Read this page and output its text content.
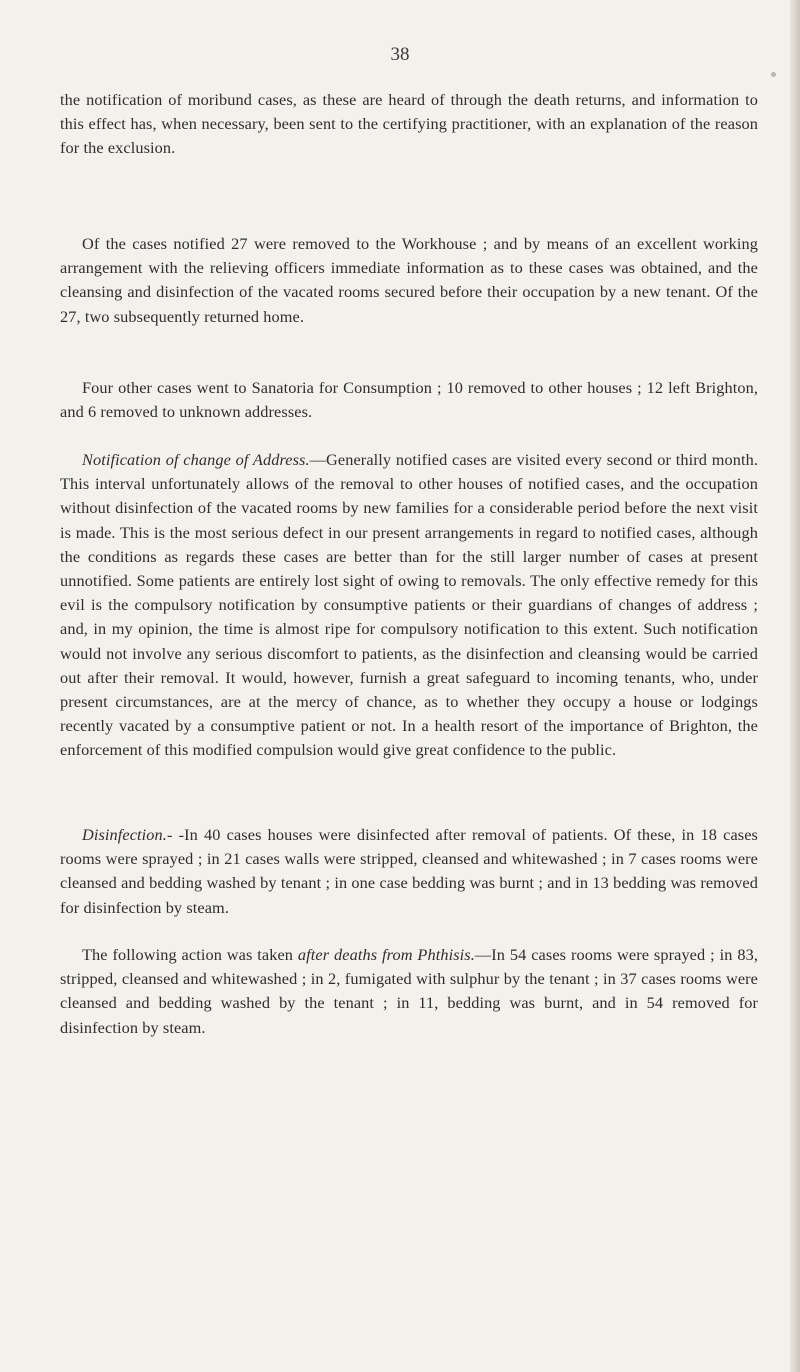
38

the notification of moribund cases, as these are heard of through the death returns, and information to this effect has, when necessary, been sent to the certifying practitioner, with an explanation of the reason for the exclusion.

Of the cases notified 27 were removed to the Workhouse ; and by means of an excellent working arrangement with the relieving officers immediate information as to these cases was obtained, and the cleansing and disinfection of the vacated rooms secured before their occupation by a new tenant. Of the 27, two subsequently returned home.

Four other cases went to Sanatoria for Consumption ; 10 removed to other houses ; 12 left Brighton, and 6 removed to unknown addresses.

Notification of change of Address.—Generally notified cases are visited every second or third month. This interval unfortunately allows of the removal to other houses of notified cases, and the occupation without disinfection of the vacated rooms by new families for a considerable period before the next visit is made. This is the most serious defect in our present arrangements in regard to notified cases, although the conditions as regards these cases are better than for the still larger number of cases at present unnotified. Some patients are entirely lost sight of owing to removals. The only effective remedy for this evil is the compulsory notification by consumptive patients or their guardians of changes of address ; and, in my opinion, the time is almost ripe for compulsory notification to this extent. Such notification would not involve any serious discomfort to patients, as the disinfection and cleansing would be carried out after their removal. It would, however, furnish a great safeguard to incoming tenants, who, under present circumstances, are at the mercy of chance, as to whether they occupy a house or lodgings recently vacated by a consumptive patient or not. In a health resort of the importance of Brighton, the enforcement of this modified compulsion would give great confidence to the public.

Disinfection.- -In 40 cases houses were disinfected after removal of patients. Of these, in 18 cases rooms were sprayed ; in 21 cases walls were stripped, cleansed and whitewashed ; in 7 cases rooms were cleansed and bedding washed by tenant ; in one case bedding was burnt ; and in 13 bedding was removed for disinfection by steam.

The following action was taken after deaths from Phthisis.—In 54 cases rooms were sprayed ; in 83, stripped, cleansed and whitewashed ; in 2, fumigated with sulphur by the tenant ; in 37 cases rooms were cleansed and bedding washed by the tenant ; in 11, bedding was burnt, and in 54 removed for disinfection by steam.
